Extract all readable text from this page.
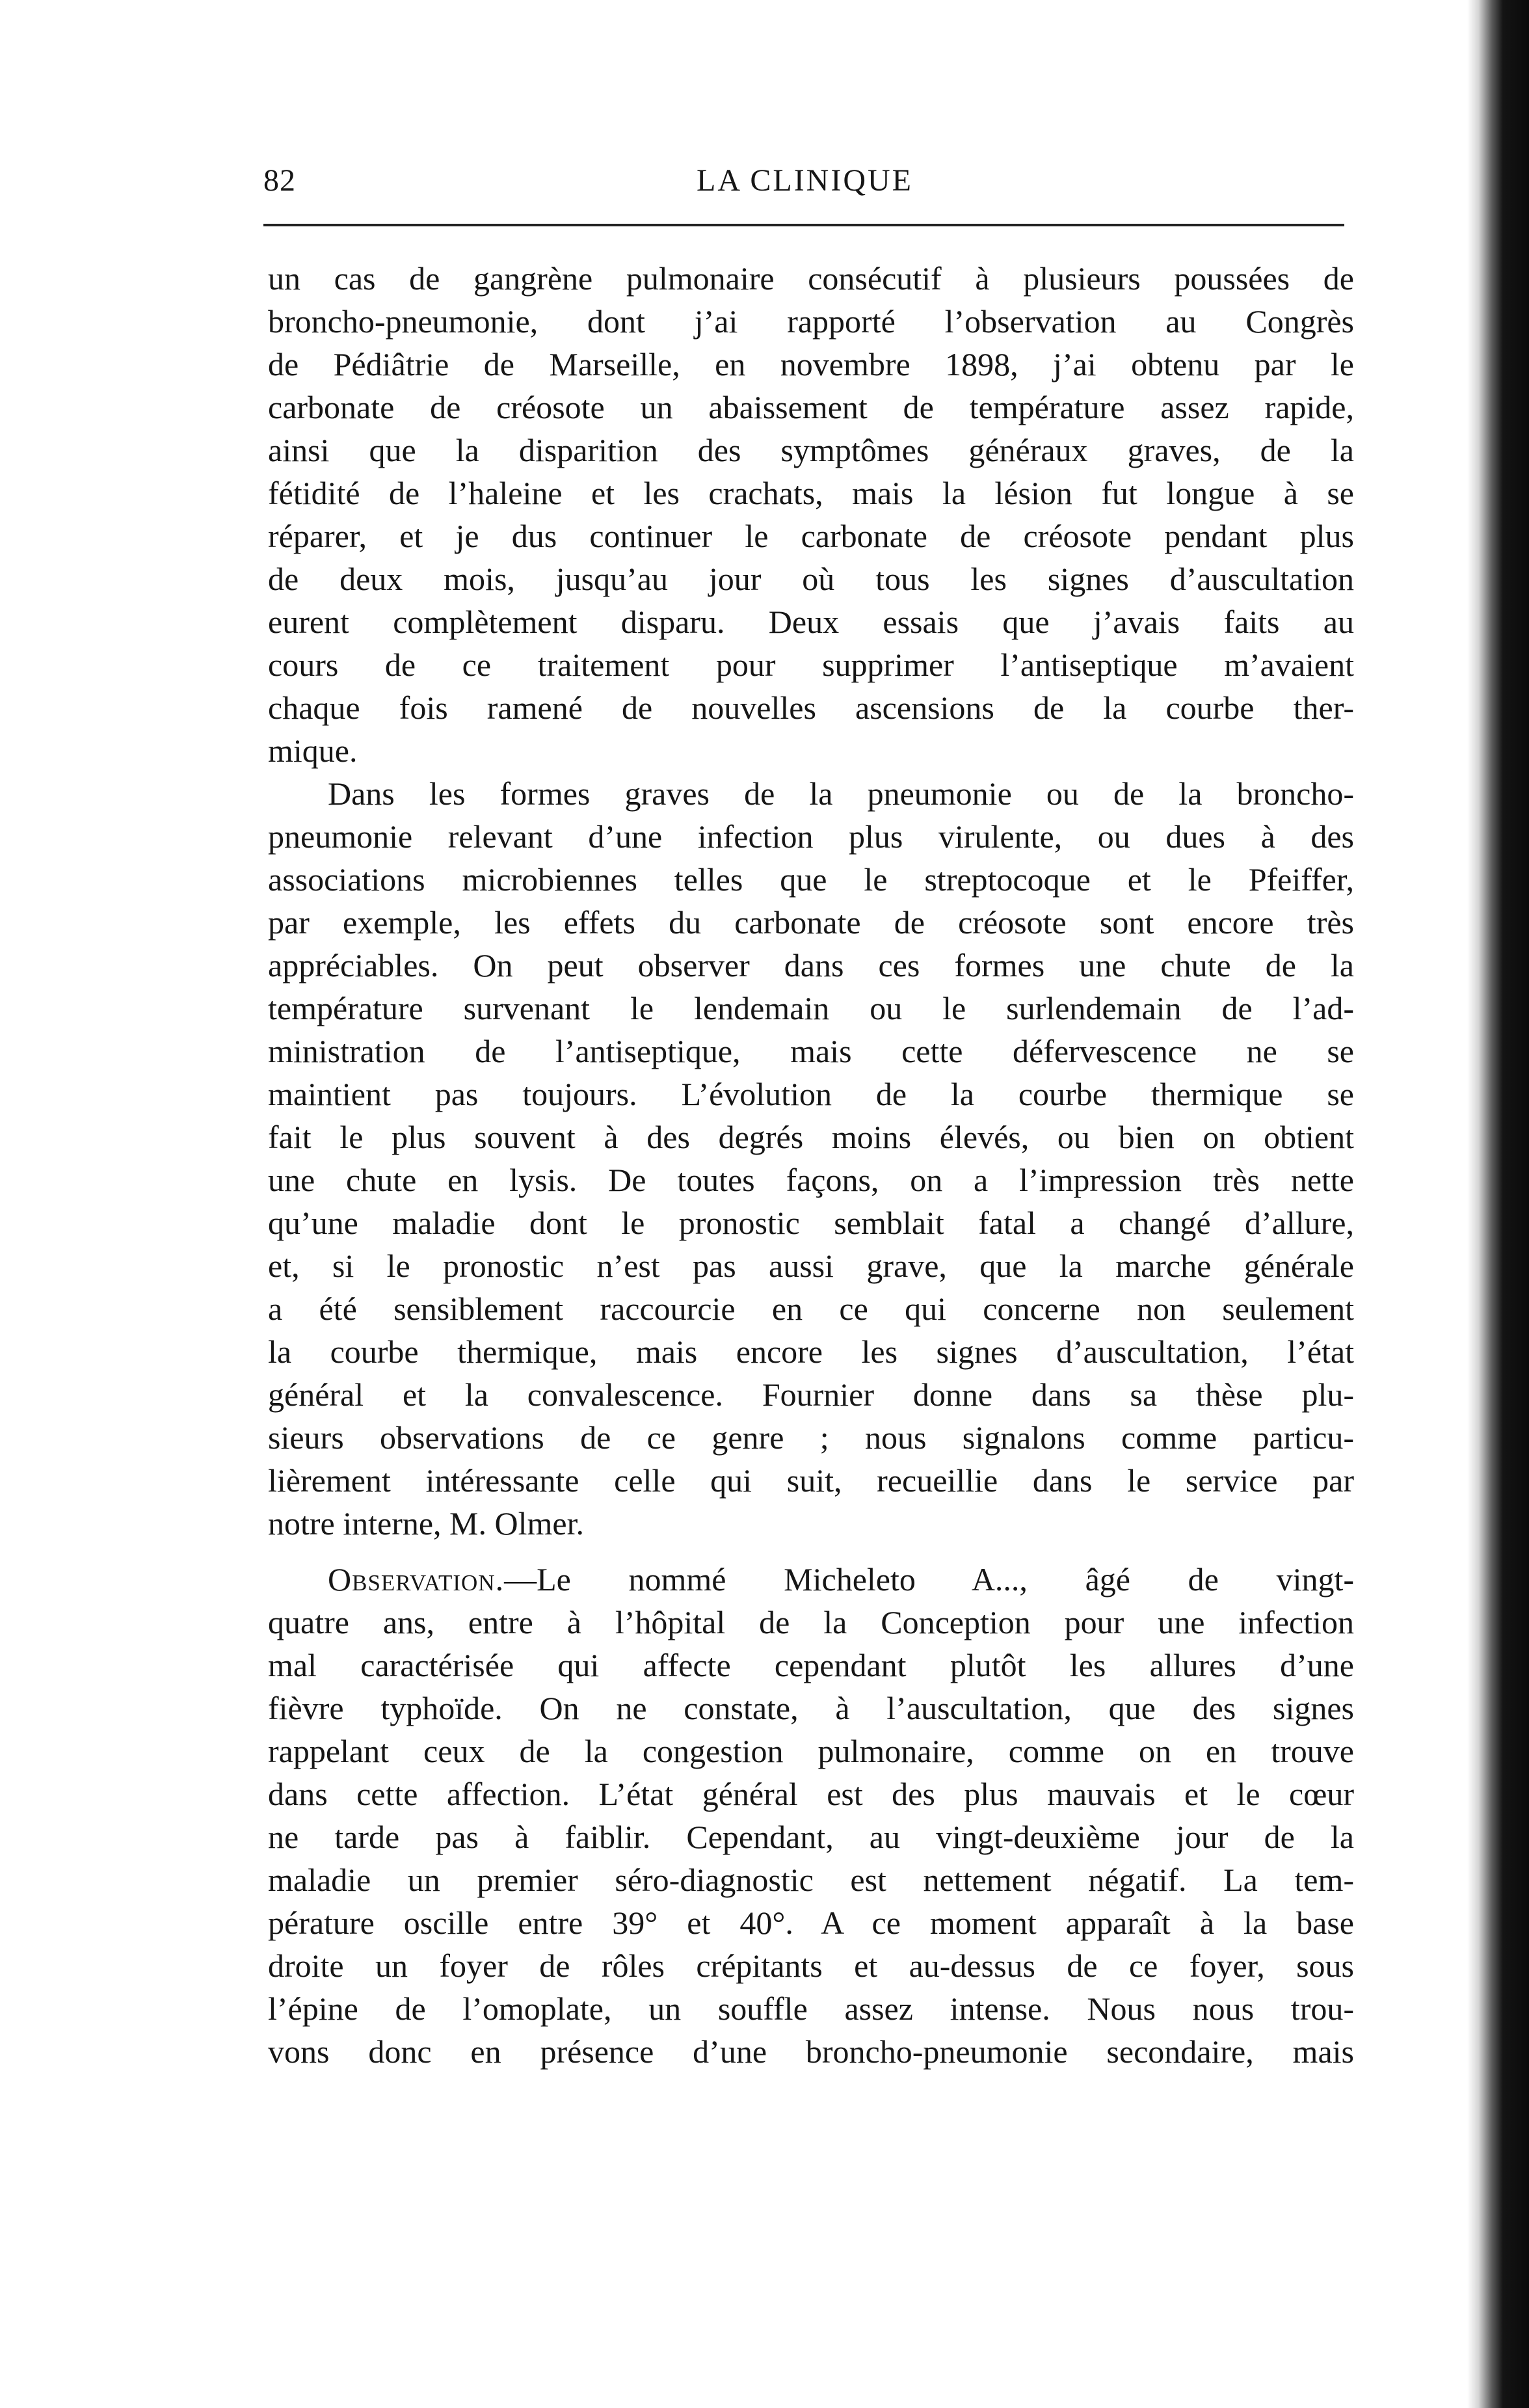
82	LA CLINIQUE
un cas de gangrène pulmonaire consécutif à plusieurs poussées de
broncho-pneumonie, dont j’ai rapporté l’observation au Congrès
de Pédiâtrie de Marseille, en novembre 1898, j’ai obtenu par le
carbonate de créosote un abaissement de température assez rapide,
ainsi que la disparition des symptômes généraux graves, de la
fétidité de l’haleine et les crachats, mais la lésion fut longue à se
réparer, et je dus continuer le carbonate de créosote pendant plus
de deux mois, jusqu’au jour où tous les signes d’auscultation
eurent complètement disparu. Deux essais que j’avais faits au
cours de ce traitement pour supprimer l’antiseptique m’avaient
chaque fois ramené de nouvelles ascensions de la courbe ther-
mique.
Dans les formes graves de la pneumonie ou de la broncho-
pneumonie relevant d’une infection plus virulente, ou dues à des
associations microbiennes telles que le streptocoque et le Pfeiffer,
par exemple, les effets du carbonate de créosote sont encore très
appréciables. On peut observer dans ces formes une chute de la
température survenant le lendemain ou le surlendemain de l’ad-
ministration de l’antiseptique, mais cette défervescence ne se
maintient pas toujours. L’évolution de la courbe thermique se
fait le plus souvent à des degrés moins élevés, ou bien on obtient
une chute en lysis. De toutes façons, on a l’impression très nette
qu’une maladie dont le pronostic semblait fatal a changé d’allure,
et, si le pronostic n’est pas aussi grave, que la marche générale
a été sensiblement raccourcie en ce qui concerne non seulement
la courbe thermique, mais encore les signes d’auscultation, l’état
général et la convalescence. Fournier donne dans sa thèse plu-
sieurs observations de ce genre ; nous signalons comme particu-
lièrement intéressante celle qui suit, recueillie dans le service par
notre interne, M. Olmer.
Observation.—Le nommé Micheleto A..., âgé de vingt-
quatre ans, entre à l’hôpital de la Conception pour une infection
mal caractérisée qui affecte cependant plutôt les allures d’une
fièvre typhoïde. On ne constate, à l’auscultation, que des signes
rappelant ceux de la congestion pulmonaire, comme on en trouve
dans cette affection. L’état général est des plus mauvais et le cœur
ne tarde pas à faiblir. Cependant, au vingt-deuxième jour de la
maladie un premier séro-diagnostic est nettement négatif. La tem-
pérature oscille entre 39° et 40°. A ce moment apparaît à la base
droite un foyer de rôles crépitants et au-dessus de ce foyer, sous
l’épine de l’omoplate, un souffle assez intense. Nous nous trou-
vons donc en présence d’une broncho-pneumonie secondaire, mais
